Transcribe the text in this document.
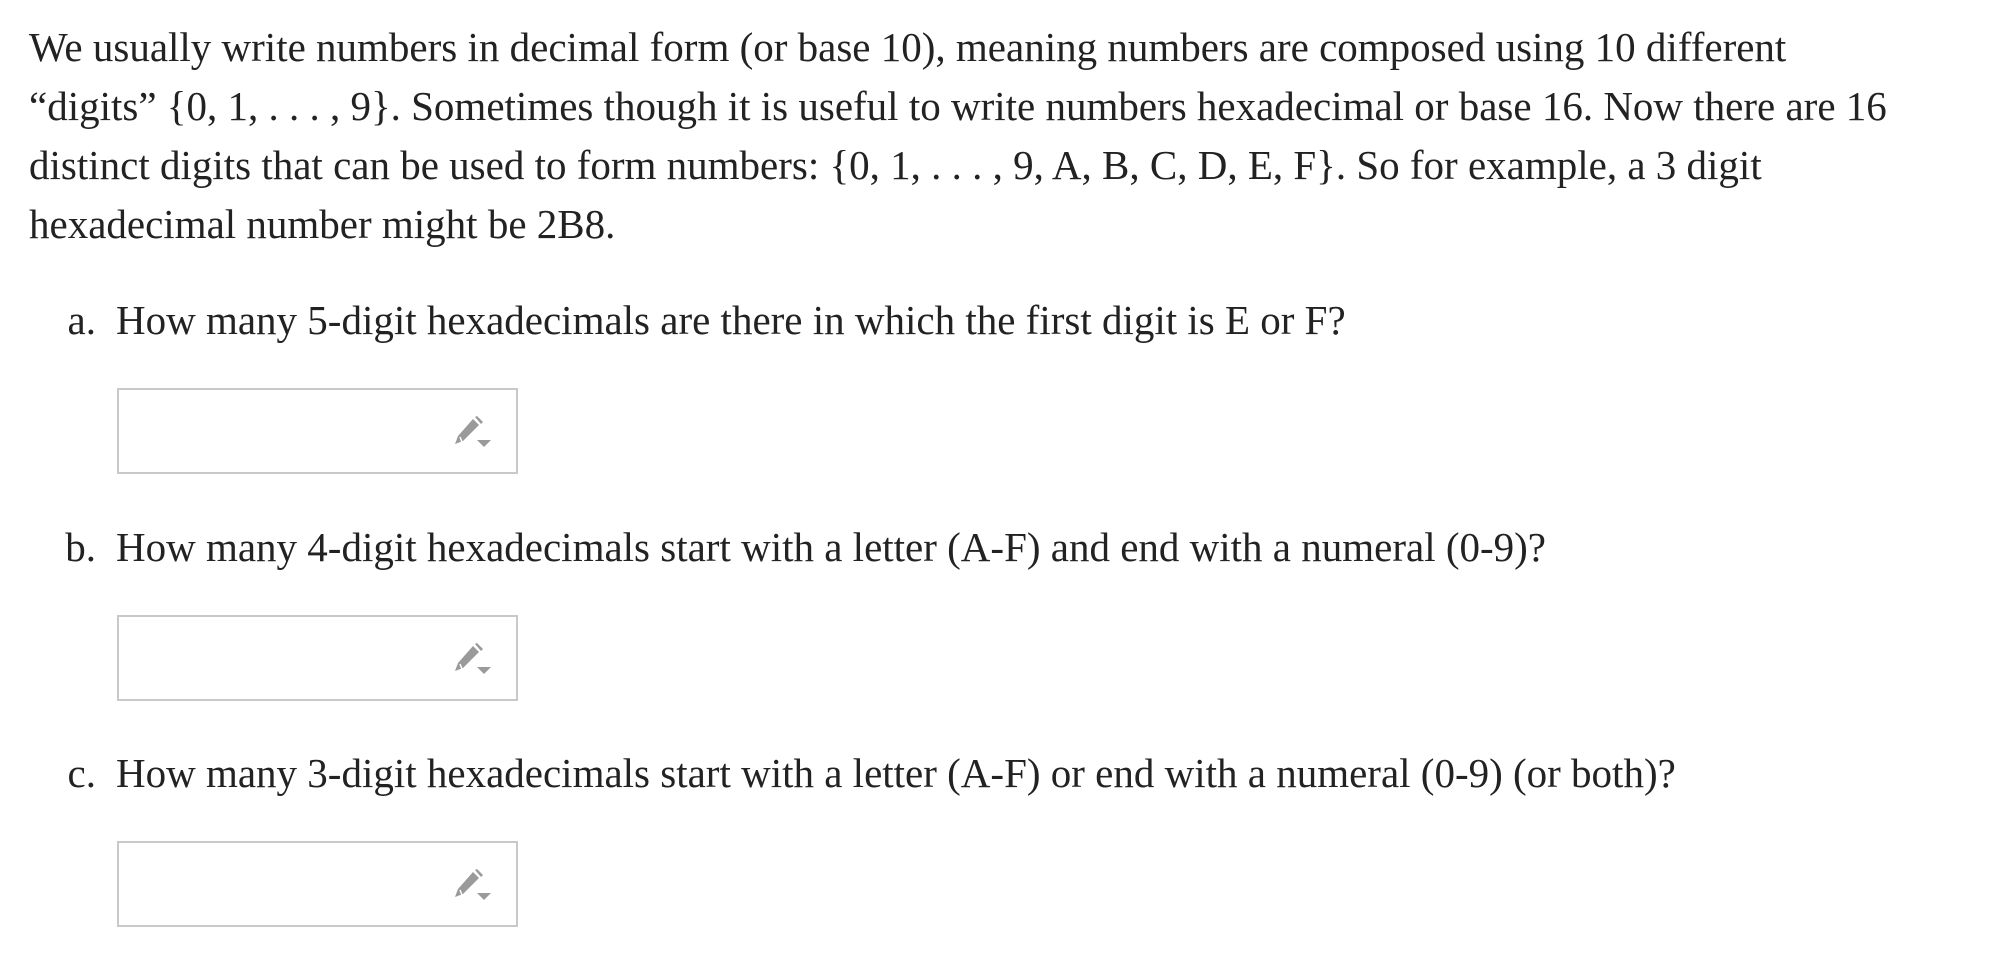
We usually write numbers in decimal form (or base 10), meaning numbers are composed using 10 different
“digits” {0, 1, . . . , 9}. Sometimes though it is useful to write numbers hexadecimal or base 16. Now there are 16
distinct digits that can be used to form numbers: {0, 1, . . . , 9, A, B, C, D, E, F}. So for example, a 3 digit
hexadecimal number might be 2B8.
a. How many 5-digit hexadecimals are there in which the first digit is E or F?
b. How many 4-digit hexadecimals start with a letter (A-F) and end with a numeral (0-9)?
c. How many 3-digit hexadecimals start with a letter (A-F) or end with a numeral (0-9) (or both)?
